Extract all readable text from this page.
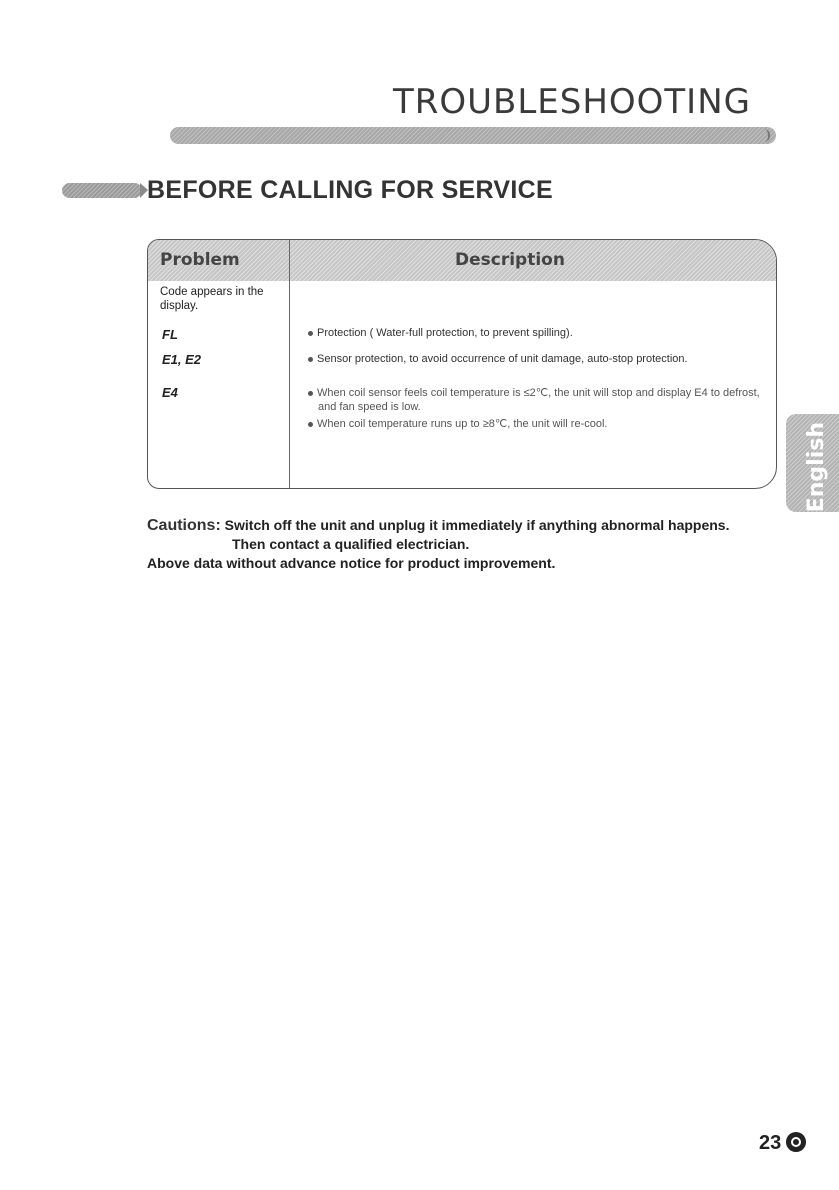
TROUBLESHOOTING
BEFORE CALLING FOR SERVICE
Problem	Description
Code appears in the display.
FL	Protection ( Water-full protection, to prevent spilling).
E1, E2	Sensor protection, to avoid occurrence of unit damage, auto-stop protection.
E4	When coil sensor feels coil temperature is ≤2℃, the unit will stop and display E4 to defrost,
and fan speed is low.
When coil temperature runs up to ≥8℃, the unit will re-cool.
Cautions: Switch off the unit and unplug it immediately if anything abnormal happens.
Then contact a qualified electrician.
Above data without advance notice for product improvement.
English
23
